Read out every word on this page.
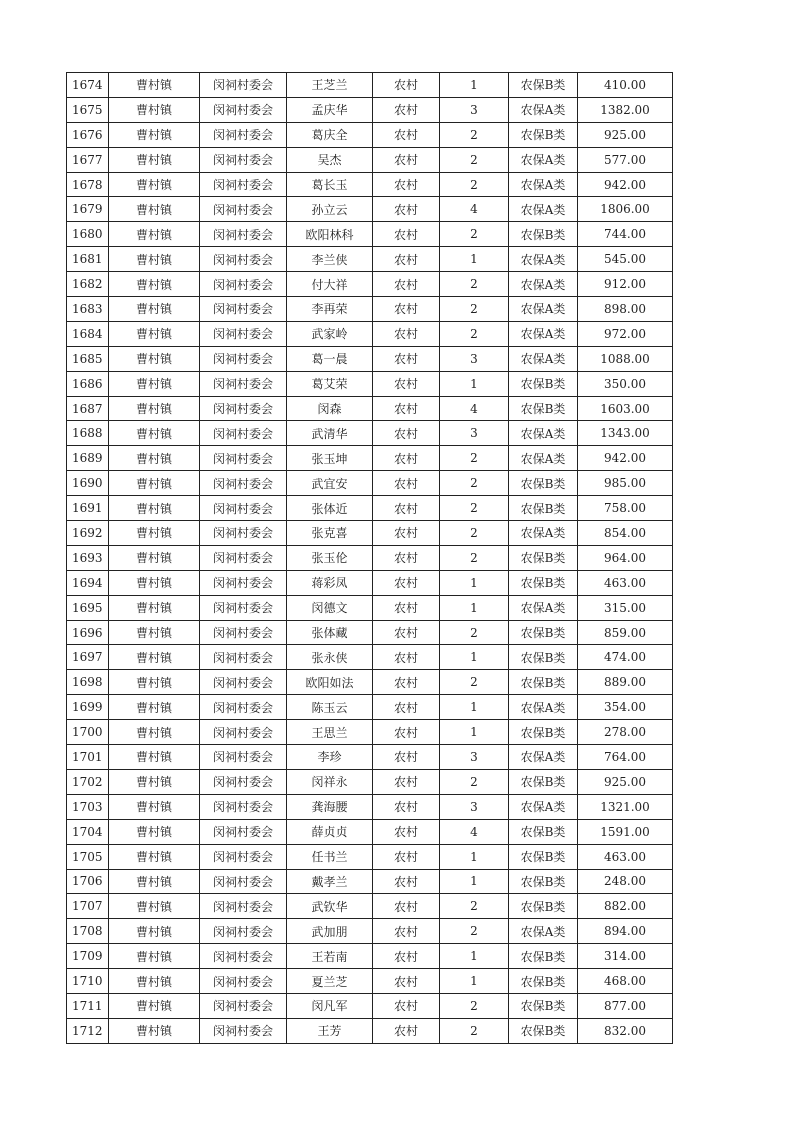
1674	曹村镇	闵祠村委会	王芝兰	农村	1	农保B类	410.00
1675	曹村镇	闵祠村委会	孟庆华	农村	3	农保A类	1382.00
1676	曹村镇	闵祠村委会	葛庆全	农村	2	农保B类	925.00
1677	曹村镇	闵祠村委会	吴杰	农村	2	农保A类	577.00
1678	曹村镇	闵祠村委会	葛长玉	农村	2	农保A类	942.00
1679	曹村镇	闵祠村委会	孙立云	农村	4	农保A类	1806.00
1680	曹村镇	闵祠村委会	欧阳林科	农村	2	农保B类	744.00
1681	曹村镇	闵祠村委会	李兰侠	农村	1	农保A类	545.00
1682	曹村镇	闵祠村委会	付大祥	农村	2	农保A类	912.00
1683	曹村镇	闵祠村委会	李再荣	农村	2	农保A类	898.00
1684	曹村镇	闵祠村委会	武家岭	农村	2	农保A类	972.00
1685	曹村镇	闵祠村委会	葛一晨	农村	3	农保A类	1088.00
1686	曹村镇	闵祠村委会	葛艾荣	农村	1	农保B类	350.00
1687	曹村镇	闵祠村委会	闵森	农村	4	农保B类	1603.00
1688	曹村镇	闵祠村委会	武清华	农村	3	农保A类	1343.00
1689	曹村镇	闵祠村委会	张玉坤	农村	2	农保A类	942.00
1690	曹村镇	闵祠村委会	武宜安	农村	2	农保B类	985.00
1691	曹村镇	闵祠村委会	张体近	农村	2	农保B类	758.00
1692	曹村镇	闵祠村委会	张克喜	农村	2	农保A类	854.00
1693	曹村镇	闵祠村委会	张玉伦	农村	2	农保B类	964.00
1694	曹村镇	闵祠村委会	蒋彩凤	农村	1	农保B类	463.00
1695	曹村镇	闵祠村委会	闵德文	农村	1	农保A类	315.00
1696	曹村镇	闵祠村委会	张体藏	农村	2	农保B类	859.00
1697	曹村镇	闵祠村委会	张永侠	农村	1	农保B类	474.00
1698	曹村镇	闵祠村委会	欧阳如法	农村	2	农保B类	889.00
1699	曹村镇	闵祠村委会	陈玉云	农村	1	农保A类	354.00
1700	曹村镇	闵祠村委会	王思兰	农村	1	农保B类	278.00
1701	曹村镇	闵祠村委会	李珍	农村	3	农保A类	764.00
1702	曹村镇	闵祠村委会	闵祥永	农村	2	农保B类	925.00
1703	曹村镇	闵祠村委会	龚海腰	农村	3	农保A类	1321.00
1704	曹村镇	闵祠村委会	薛贞贞	农村	4	农保B类	1591.00
1705	曹村镇	闵祠村委会	任书兰	农村	1	农保B类	463.00
1706	曹村镇	闵祠村委会	戴孝兰	农村	1	农保B类	248.00
1707	曹村镇	闵祠村委会	武钦华	农村	2	农保B类	882.00
1708	曹村镇	闵祠村委会	武加朋	农村	2	农保A类	894.00
1709	曹村镇	闵祠村委会	王若南	农村	1	农保B类	314.00
1710	曹村镇	闵祠村委会	夏兰芝	农村	1	农保B类	468.00
1711	曹村镇	闵祠村委会	闵凡军	农村	2	农保B类	877.00
1712	曹村镇	闵祠村委会	王芳	农村	2	农保B类	832.00
